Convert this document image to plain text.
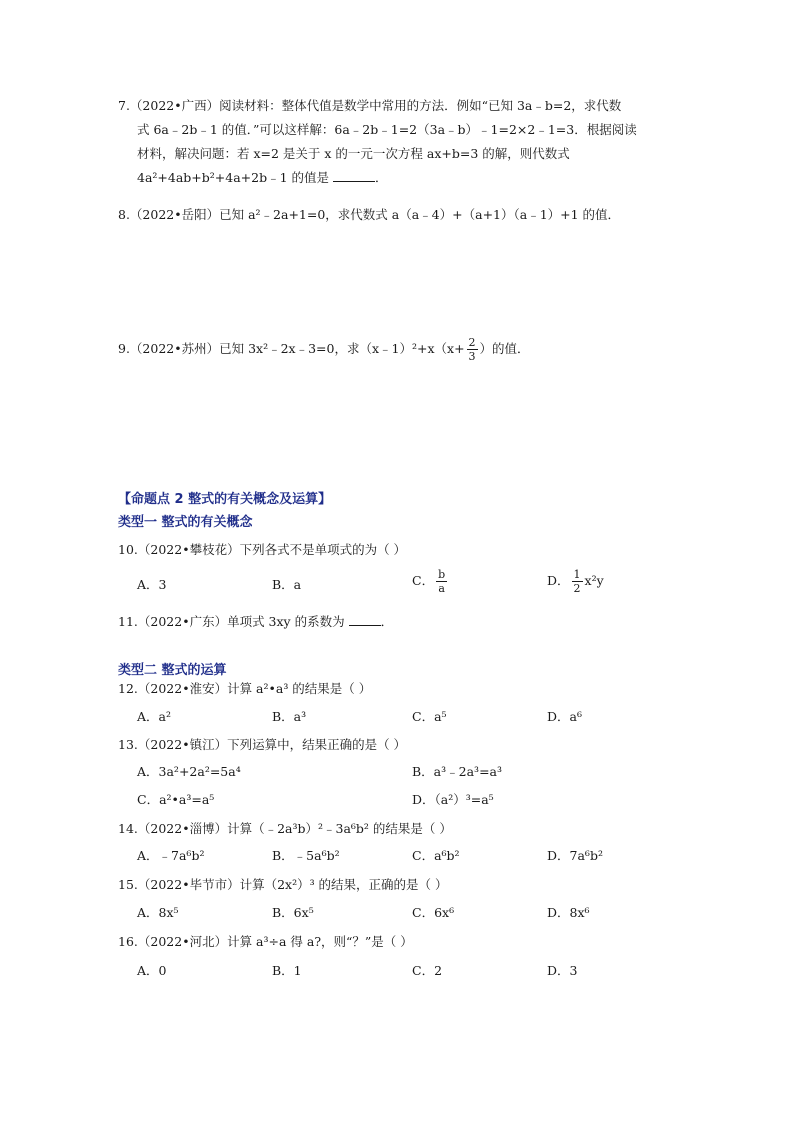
7.（2022•广西）阅读材料：整体代值是数学中常用的方法．例如“已知 3a﹣b=2，求代数
式 6a﹣2b﹣1 的值．”可以这样解：6a﹣2b﹣1=2（3a﹣b）﹣1=2×2﹣1=3．根据阅读
材料，解决问题：若 x=2 是关于 x 的一元一次方程 ax+b=3 的解，则代数式
4a²+4ab+b²+4a+2b﹣1 的值是	．
8.（2022•岳阳）已知 a²﹣2a+1=0，求代数式 a（a﹣4）+（a+1）（a﹣1）+1 的值．
9.（2022•苏州）已知 3x²﹣2x﹣3=0，求（x﹣1）²+x（x+ $\frac{2}{3}$ ）的值．
【命题点 2 整式的有关概念及运算】
类型一 整式的有关概念
10.（2022•攀枝花）下列各式不是单项式的为（ ）
A．3	B．a	C． $\frac{b}{a}$	D． $\frac{1}{2} x^2y$
11.（2022•广东）单项式 3xy 的系数为	．
类型二 整式的运算
12.（2022•淮安）计算 a²•a³ 的结果是（ ）
A．a²	B．a³	C．a⁵	D．a⁶
13.（2022•镇江）下列运算中，结果正确的是（ ）
A．3a²+2a²=5a⁴	B．a³﹣2a³=a³
C．a²•a³=a⁵	D．（a²）³=a⁵
14.（2022•淄博）计算（﹣2a³b）²﹣3a⁶b² 的结果是（ ）
A．﹣7a⁶b²	B．﹣5a⁶b²	C．a⁶b²	D．7a⁶b²
15.（2022•毕节市）计算（2x²）³ 的结果，正确的是（ ）
A．8x⁵	B．6x⁵	C．6x⁶	D．8x⁶
16.（2022•河北）计算 a³÷a 得 a?，则“？”是（ ）
A．0	B．1	C．2	D．3
